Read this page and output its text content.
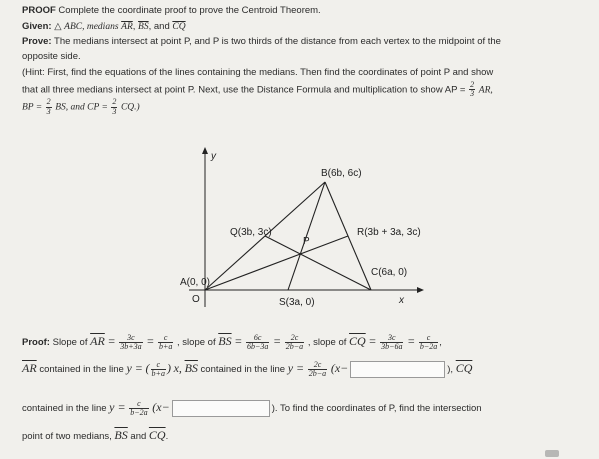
PROOF Complete the coordinate proof to prove the Centroid Theorem.

Given: △ ABC, medians $\overline{AR}$, $\overline{BS}$, and $\overline{CQ}$

Prove: The medians intersect at point P, and P is two thirds of the distance from each vertex to the midpoint of the
opposite side.

(Hint: First, find the equations of the lines containing the medians. Then find the coordinates of point P and show
that all three medians intersect at point P. Next, use the Distance Formula and multiplication to show AP = $\frac{2}{3}$ AR,
BP = $\frac{2}{3}$ BS, and CP = $\frac{2}{3} CQ$.)

y
x
O
B(6b, 6c)
Q(3b, 3c)
P
R(3b + 3a, 3c)
A(0, 0)
C(6a, 0)
S(3a, 0)
Proof: Slope of $\overline{AR} = \frac{3c}{3b+3a} = \frac{c}{b+a}$ , slope of $\overline{BS} = \frac{6c}{6b-3a} = \frac{2c}{2b-a}$ , slope of $\overline{CQ} = \frac{3c}{3b-6a} = \frac{c}{b-2a}$ ,
$\overline{AR}$ contained in the line y = ( $\frac{c}{b+a}$ ) x, $\overline{BS}$ contained in the line $y = \frac{2c}{2b-a} (x-$	), $\overline{CQ}$
contained in the line $y = \frac{c}{b-2a} (x-$	). To find the coordinates of P, find the intersection
point of two medians, $\overline{BS}$ and $\overline{CQ}$.
